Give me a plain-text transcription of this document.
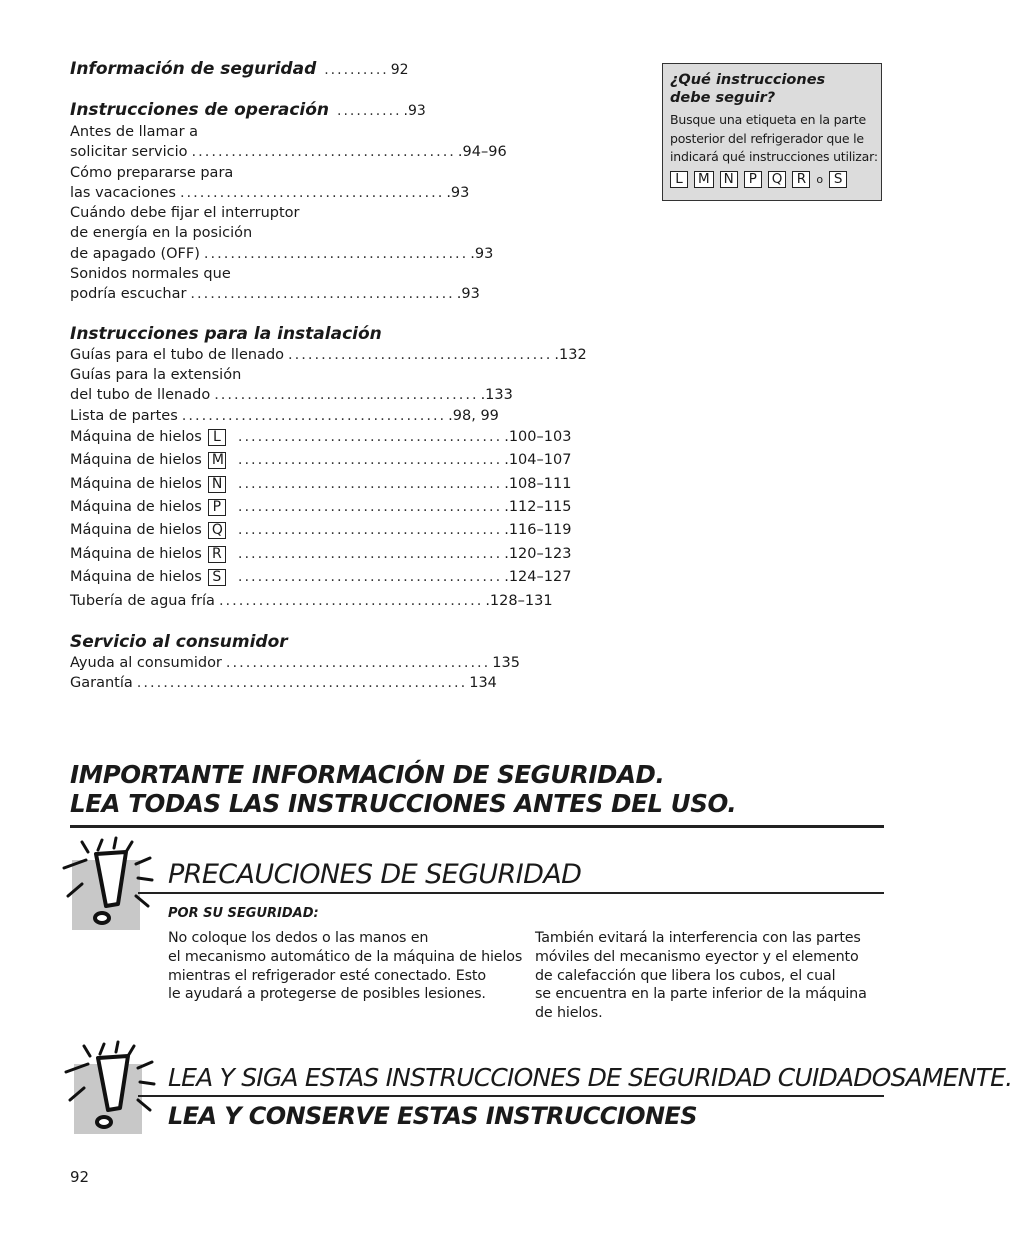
Información de seguridad .......... 92
Instrucciones de operación .......... .93
Antes de llamar a
solicitar servicio ........................................ .94–96
Cómo prepararse para
las vacaciones ........................................ .93
Cuándo debe fijar el interruptor
de energía en la posición
de apagado (OFF) ........................................ .93
Sonidos normales que
podría escuchar ........................................ .93
Instrucciones para la instalación
Guías para el tubo de llenado ........................................ .132
Guías para la extensión
del tubo de llenado ........................................ .133
Lista de partes ........................................ .98, 99
Máquina de hielos L	........................................ .100–103
Máquina de hielos M ........................................ .104–107
Máquina de hielos N ........................................ .108–111
Máquina de hielos P	........................................ .112–115
Máquina de hielos Q ........................................ .116–119
Máquina de hielos R ........................................ .120–123
Máquina de hielos S	........................................ .124–127
Tubería de agua fría ........................................ .128–131
Servicio al consumidor
Ayuda al consumidor ........................................ 135
Garantía .................................................. 134
¿Qué instrucciones
debe seguir?
Busque una etiqueta en la parte
posterior del refrigerador que le
indicará qué instrucciones utilizar:
L	M N	P	Q	R o S
IMPORTANTE INFORMACIÓN DE SEGURIDAD.
LEA TODAS LAS INSTRUCCIONES ANTES DEL USO.
PRECAUCIONES DE SEGURIDAD
POR SU SEGURIDAD:
No coloque los dedos o las manos en
el mecanismo automático de la máquina de hielos
mientras el refrigerador esté conectado. Esto
le ayudará a protegerse de posibles lesiones.
También evitará la interferencia con las partes
móviles del mecanismo eyector y el elemento
de calefacción que libera los cubos, el cual
se encuentra en la parte inferior de la máquina
de hielos.
LEA Y SIGA ESTAS INSTRUCCIONES DE SEGURIDAD CUIDADOSAMENTE.
LEA Y CONSERVE ESTAS INSTRUCCIONES
92
